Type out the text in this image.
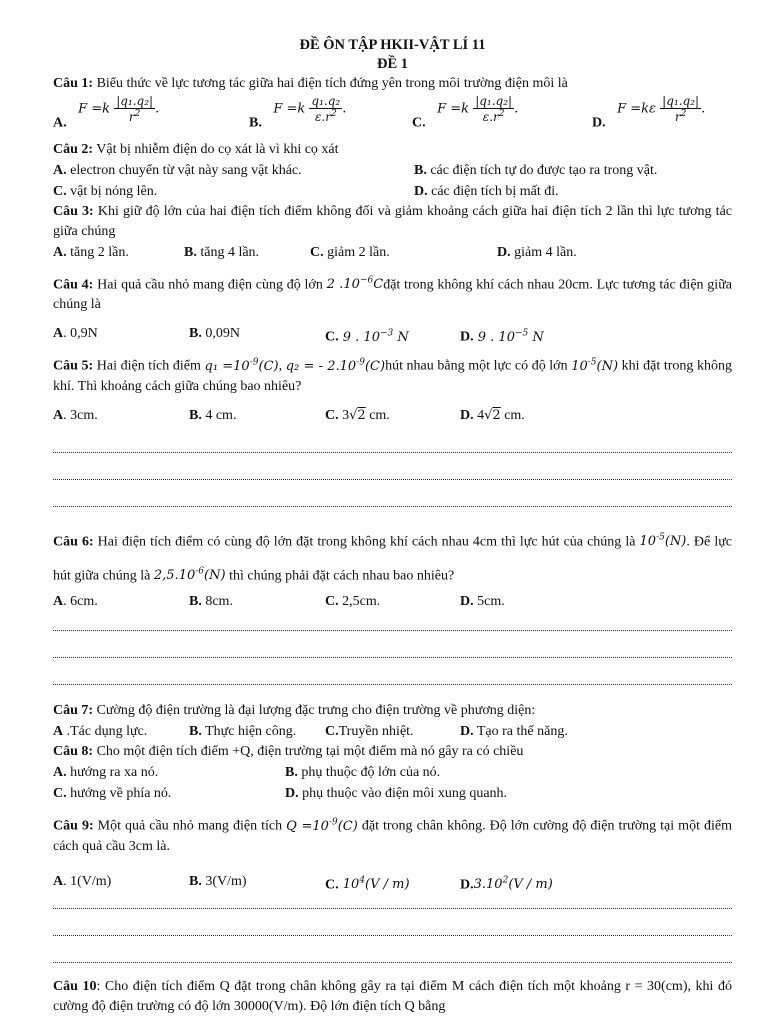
ĐỀ ÔN TẬP HKII-VẬT LÍ 11
ĐỀ 1
Câu 1: Biểu thức về lực tương tác giữa hai điện tích đứng yên trong môi trường điện môi là
A. $F =k \frac{\text{|q₁.q₂|}}{r^2}$ .
B. $F =k \frac{\text{q₁.q₂}}{\varepsilon.r^2}$ .
C. $F =k \frac{\text{|q₁.q₂|}}{\varepsilon.r^2}$ .
D. $F =k\varepsilon \frac{\text{|q₁.q₂|}}{r^2}$ .
Câu 2: Vật bị nhiễm điện do cọ xát là vì khi cọ xát
A. electron chuyển từ vật này sang vật khác.	B. các điện tích tự do được tạo ra trong vật.
C. vật bị nóng lên.	D. các điện tích bị mất đi.
Câu 3: Khi giữ độ lớn của hai điện tích điểm không đổi và giảm khoảng cách giữa hai điện tích 2 lần thì lực tương tác giữa chúng
A. tăng 2 lần.	B. tăng 4 lần.	C. giảm 2 lần.	D. giảm 4 lần.
Câu 4: Hai quả cầu nhỏ mang điện cùng độ lớn 2 $.10^{-6}Cđặt$ trong không khí cách nhau 20cm. Lực tương tác điện giữa chúng là
A. 0,9N	B. 0,09N	C. 9 . $10^{-3}$ N	D. 9 . $10^{-5}$ N
Câu 5: Hai điện tích điểm $q_1 =10^{-9}(C)$, q₂ = - $2.10^{-9}(C)hút$ nhau bằng một lực có độ lớn $10^{-5}(N)$ khi đặt trong không khí. Thì khoảng cách giữa chúng bao nhiêu?
A. 3cm.	B. 4 cm.	C. 3√2 cm.	D. 4√2 cm.
Câu 6: Hai điện tích điểm có cùng độ lớn đặt trong không khí cách nhau 4cm thì lực hút của chúng là $10^{-5}(N)$. Để lực hút giữa chúng là $2,5.10^{-6}(N)$ thì chúng phải đặt cách nhau bao nhiêu?
A. 6cm.	B. 8cm.	C. 2,5cm.	D. 5cm.
Câu 7: Cường độ điện trường là đại lượng đặc trưng cho điện trường về phương diện:
A .Tác dụng lực.	B. Thực hiện công. C.Truyền nhiệt.	D. Tạo ra thế năng.
Câu 8: Cho một điện tích điểm +Q, điện trường tại một điểm mà nó gây ra có chiều
A. hướng ra xa nó.	B. phụ thuộc độ lớn của nó.
C. hướng về phía nó.	D. phụ thuộc vào điện môi xung quanh.
Câu 9: Một quả cầu nhỏ mang điện tích $Q =10^{-9}(C)$ đặt trong chân không. Độ lớn cường độ điện trường tại một điểm cách quả cầu 3cm là.
A. 1(V/m)	B. 3(V/m)	C. $10^4(V / m)$	D.3.10$^2$(V / m)
Câu 10: Cho điện tích điểm Q đặt trong chân không gây ra tại điểm M cách điện tích một khoảng r = 30(cm), khi đó cường độ điện trường có độ lớn 30000(V/m). Độ lớn điện tích Q bằng
